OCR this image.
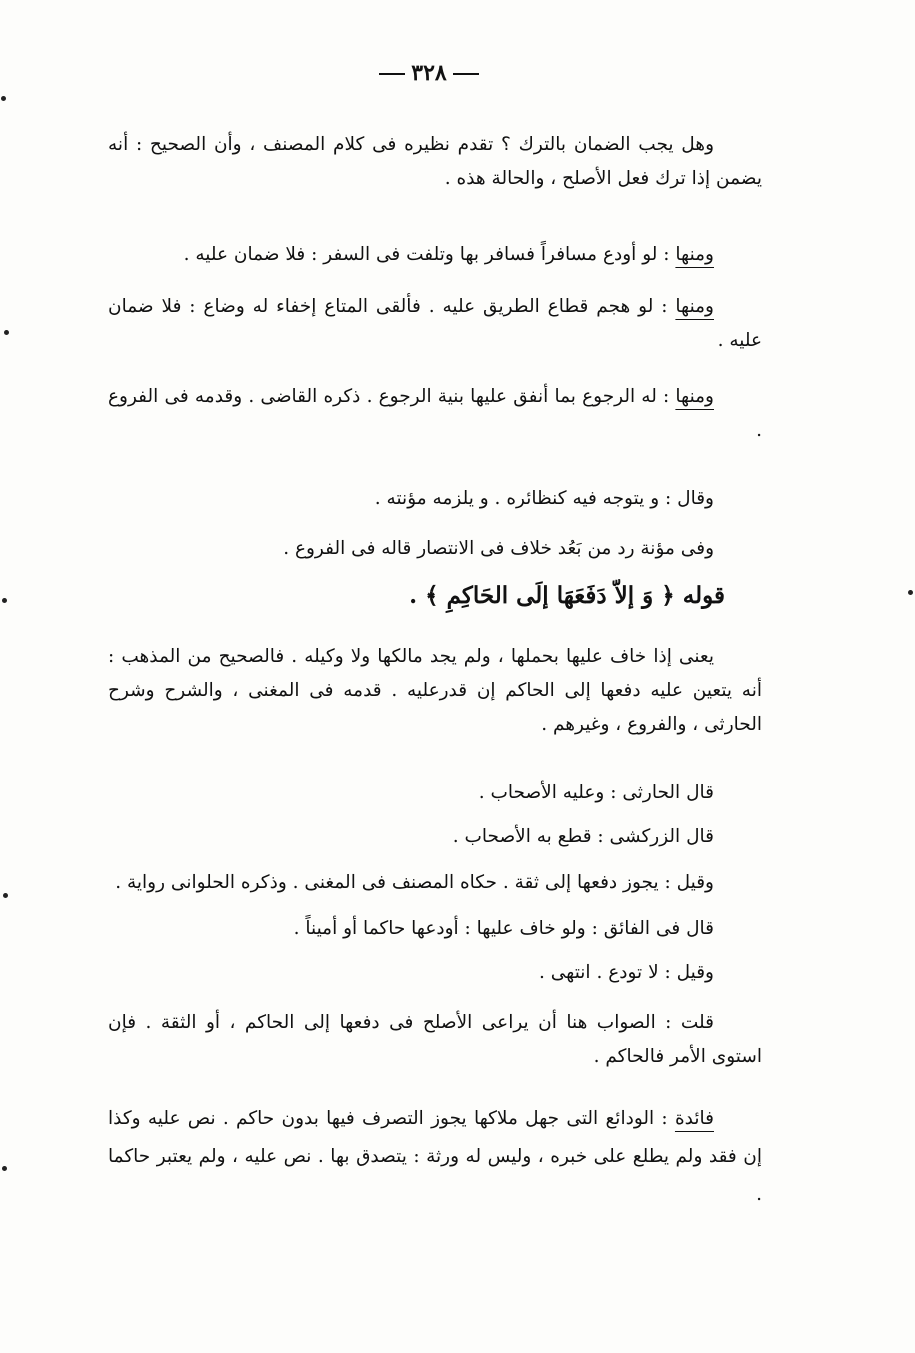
٣٢٨
وهل يجب الضمان بالترك ؟ تقدم نظيره فى كلام المصنف ، وأن الصحيح : أنه يضمن إذا ترك فعل الأصلح ، والحالة هذه .
ومنها : لو أودع مسافراً فسافر بها وتلفت فى السفر : فلا ضمان عليه .
ومنها : لو هجم قطاع الطريق عليه . فألقى المتاع إخفاء له وضاع : فلا ضمان عليه .
ومنها : له الرجوع بما أنفق عليها بنية الرجوع . ذكره القاضى . وقدمه فى الفروع .
وقال : و يتوجه فيه كنظائره . و يلزمه مؤنته .
وفى مؤنة رد من بَعُد خلاف فى الانتصار قاله فى الفروع .
قوله ﴿ وَ إلاّ دَفَعَهَا إلَى الحَاكِمِ ﴾ .
يعنى إذا خاف عليها بحملها ، ولم يجد مالكها ولا وكيله . فالصحيح من المذهب : أنه يتعين عليه دفعها إلى الحاكم إن قدرعليه . قدمه فى المغنى ، والشرح وشرح الحارثى ، والفروع ، وغيرهم .
قال الحارثى : وعليه الأصحاب .
قال الزركشى : قطع به الأصحاب .
وقيل : يجوز دفعها إلى ثقة . حكاه المصنف فى المغنى . وذكره الحلوانى رواية .
قال فى الفائق : ولو خاف عليها : أودعها حاكما أو أميناً .
وقيل : لا تودع . انتهى .
قلت : الصواب هنا أن يراعى الأصلح فى دفعها إلى الحاكم ، أو الثقة . فإن استوى الأمر فالحاكم .
فائدة : الودائع التى جهل ملاكها يجوز التصرف فيها بدون حاكم . نص عليه وكذا إن فقد ولم يطلع على خبره ، وليس له ورثة : يتصدق بها . نص عليه ، ولم يعتبر حاكما .
